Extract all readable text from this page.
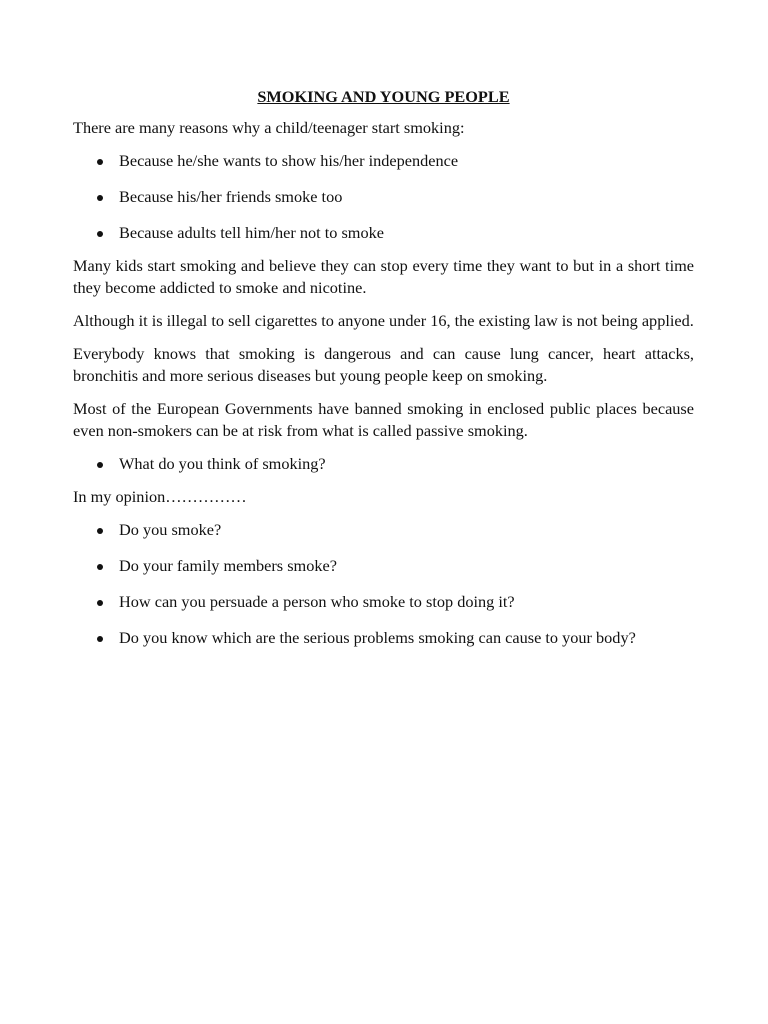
SMOKING AND YOUNG PEOPLE

There are many reasons why a child/teenager start smoking:

Because he/she wants to show his/her independence
Because his/her friends smoke too
Because adults tell him/her not to smoke

Many kids start smoking and believe they can stop every time they want to but in a short time they become addicted to smoke and nicotine.

Although it is illegal to sell cigarettes to anyone under 16, the existing law is not being applied.

Everybody knows that smoking is dangerous and can cause lung cancer, heart attacks, bronchitis and more serious diseases but young people keep on smoking.

Most of the European Governments have banned smoking in enclosed public places because even non-smokers can be at risk from what is called passive smoking.

What do you think of smoking?

In my opinion……………

Do you smoke?
Do your family members smoke?
How can you persuade a person who smoke to stop doing it?
Do you know which are the serious problems smoking can cause to your body?
